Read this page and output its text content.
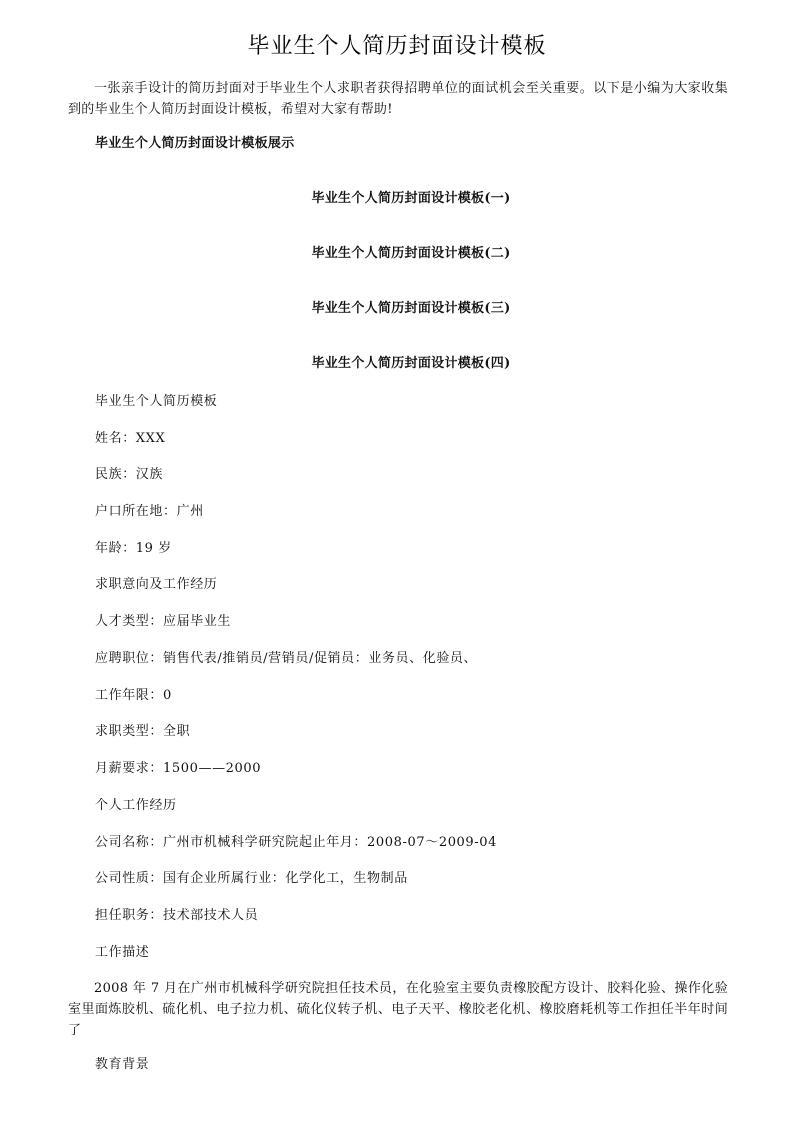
毕业生个人简历封面设计模板
一张亲手设计的简历封面对于毕业生个人求职者获得招聘单位的面试机会至关重要。以下是小编为大家收集到的毕业生个人简历封面设计模板，希望对大家有帮助!
毕业生个人简历封面设计模板展示
毕业生个人简历封面设计模板(一)
毕业生个人简历封面设计模板(二)
毕业生个人简历封面设计模板(三)
毕业生个人简历封面设计模板(四)
毕业生个人简历模板
姓名：XXX
民族：汉族
户口所在地：广州
年龄：19 岁
求职意向及工作经历
人才类型：应届毕业生
应聘职位：销售代表/推销员/营销员/促销员：业务员、化验员、
工作年限：0
求职类型：全职
月薪要求：1500——2000
个人工作经历
公司名称：广州市机械科学研究院起止年月：2008-07～2009-04
公司性质：国有企业所属行业：化学化工，生物制品
担任职务：技术部技术人员
工作描述
2008 年 7 月在广州市机械科学研究院担任技术员，在化验室主要负责橡胶配方设计、胶料化验、操作化验室里面炼胶机、硫化机、电子拉力机、硫化仪转子机、电子天平、橡胶老化机、橡胶磨耗机等工作担任半年时间了
教育背景
